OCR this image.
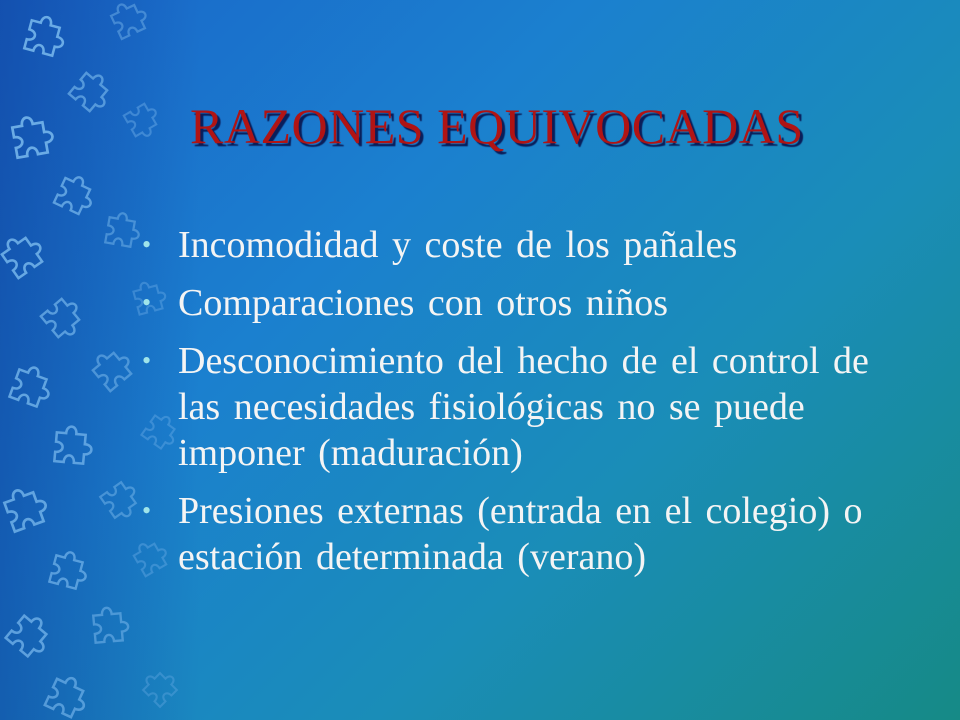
RAZONES EQUIVOCADAS
• Incomodidad y coste de los pañales
• Comparaciones con otros niños
• Desconocimiento del hecho de el control de las necesidades fisiológicas no se puede imponer (maduración)
• Presiones externas (entrada en el colegio) o estación determinada (verano)
